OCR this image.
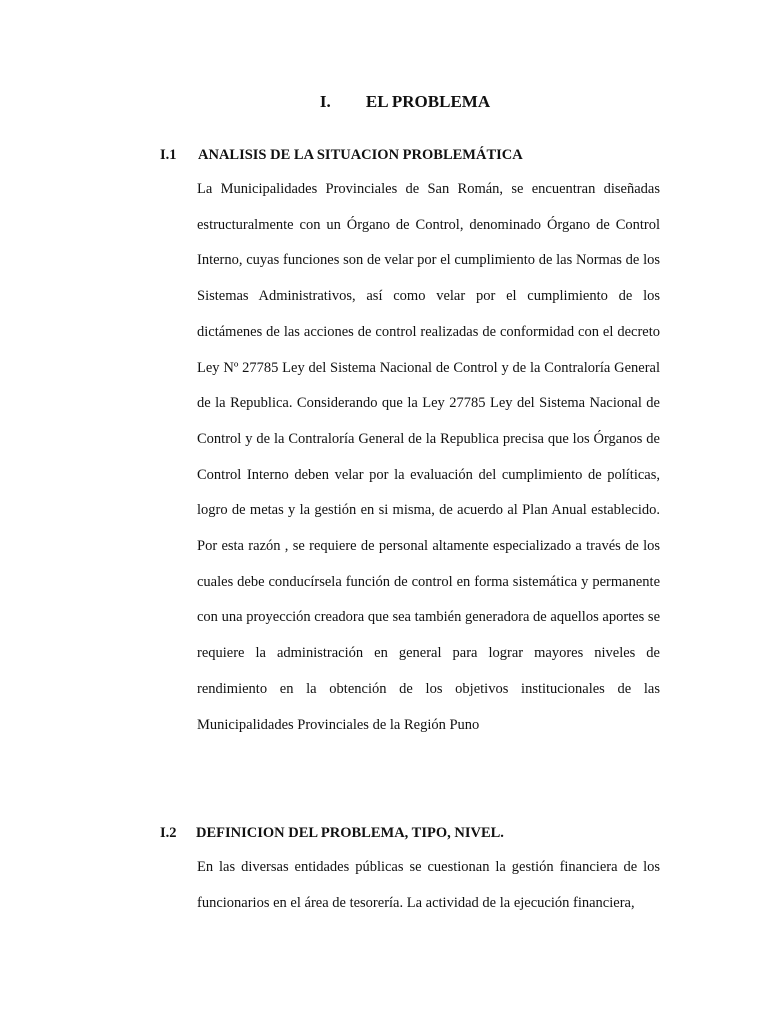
I. EL PROBLEMA
I.1 ANALISIS DE LA SITUACION PROBLEMÁTICA

La Municipalidades Provinciales de San Román, se encuentran diseñadas estructuralmente con un Órgano de Control, denominado Órgano de Control Interno, cuyas funciones son de velar por el cumplimiento de las Normas de los Sistemas Administrativos, así como velar por el cumplimiento de los dictámenes de las acciones de control realizadas de conformidad con el decreto Ley Nº 27785 Ley del Sistema Nacional de Control y de la Contraloría General de la Republica. Considerando que la Ley 27785 Ley del Sistema Nacional de Control y de la Contraloría General de la Republica precisa que los Órganos de Control Interno deben velar por la evaluación del cumplimiento de políticas, logro de metas y la gestión en si misma, de acuerdo al Plan Anual establecido. Por esta razón , se requiere de personal altamente especializado a través de los cuales debe conducírsela función de control en forma sistemática y permanente con una proyección creadora que sea también generadora de aquellos aportes se requiere la administración en general para lograr mayores niveles de rendimiento en la obtención de los objetivos institucionales de las Municipalidades Provinciales de la Región Puno

I.2 DEFINICION DEL PROBLEMA, TIPO, NIVEL.

En las diversas entidades públicas se cuestionan la gestión financiera de los funcionarios en el área de tesorería. La actividad de la ejecución financiera,
